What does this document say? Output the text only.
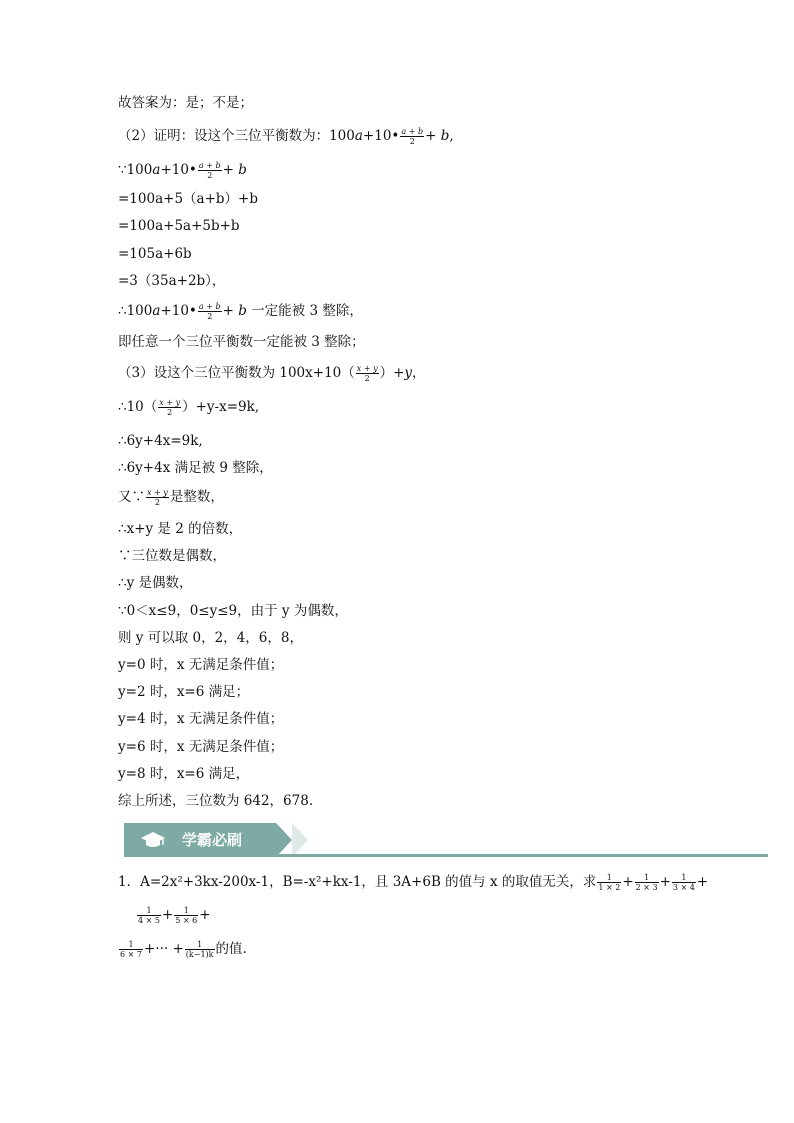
故答案为：是；不是；
（2）证明：设这个三位平衡数为：100a+10• $\frac{a + b}{2} + b$,
∵100a+10• $\frac{a + b}{2} + b$
=100a+5（a+b）+b
=100a+5a+5b+b
=105a+6b
=3（35a+2b），
∴100a+10• $\frac{a + b}{2} + b$ 一定能被 3 整除，
即任意一个三位平衡数一定能被 3 整除；
（3）设这个三位平衡数为 $100x+10( \frac{x + y}{2} )+y$，
∴10（ $\frac{x + y}{2} )+y-x=9k$,
∴6y+4x=9k,
∴6y+4x 满足被 9 整除，
又∵ $\frac{x + y}{2}$ 是整数，
∴x+y 是 2 的倍数，
∵三位数是偶数，
∴y 是偶数，
∵0＜x≤9，0≤y≤9，由于 y 为偶数，
则 y 可以取 0，2，4，6，8，
y=0 时，x 无满足条件值；
y=2 时，x=6 满足；
y=4 时，x 无满足条件值；
y=6 时，x 无满足条件值；
y=8 时，x=6 满足，
综上所述，三位数为 642，678.
学霸必刷
1．A=2x²+3kx-200x-1，B=-x²+kx-1，且 3A+6B 的值与 x 的取值无关，求 $\frac{1}{1 \times 2} + \frac{1}{2 \times 3} + \frac{1}{3 \times 4}$ +
$\frac{1}{4 \times 5} + \frac{1}{5 \times 6}$ +
$\frac{1}{6 \times 7}$ +··· + $\frac{1}{(k-1)k}$ 的值.
